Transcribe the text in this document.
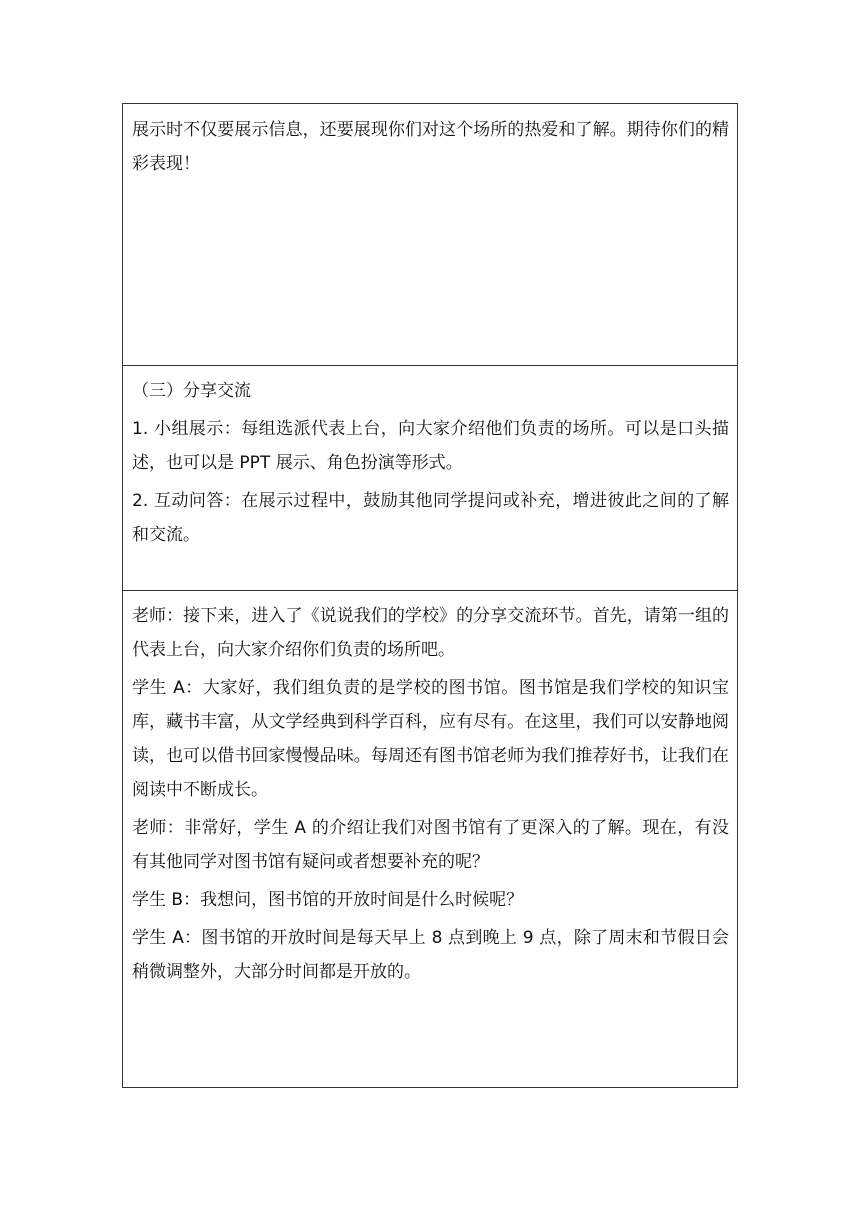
展示时不仅要展示信息，还要展现你们对这个场所的热爱和了解。期待你们的精彩表现！

（三）分享交流

1. 小组展示：每组选派代表上台，向大家介绍他们负责的场所。可以是口头描述，也可以是 PPT 展示、角色扮演等形式。

2. 互动问答：在展示过程中，鼓励其他同学提问或补充，增进彼此之间的了解和交流。

老师：接下来，进入了《说说我们的学校》的分享交流环节。首先，请第一组的代表上台，向大家介绍你们负责的场所吧。

学生 A：大家好，我们组负责的是学校的图书馆。图书馆是我们学校的知识宝库，藏书丰富，从文学经典到科学百科，应有尽有。在这里，我们可以安静地阅读，也可以借书回家慢慢品味。每周还有图书馆老师为我们推荐好书，让我们在阅读中不断成长。

老师：非常好，学生 A 的介绍让我们对图书馆有了更深入的了解。现在，有没有其他同学对图书馆有疑问或者想要补充的呢？

学生 B：我想问，图书馆的开放时间是什么时候呢？

学生 A：图书馆的开放时间是每天早上 8 点到晚上 9 点，除了周末和节假日会稍微调整外，大部分时间都是开放的。
